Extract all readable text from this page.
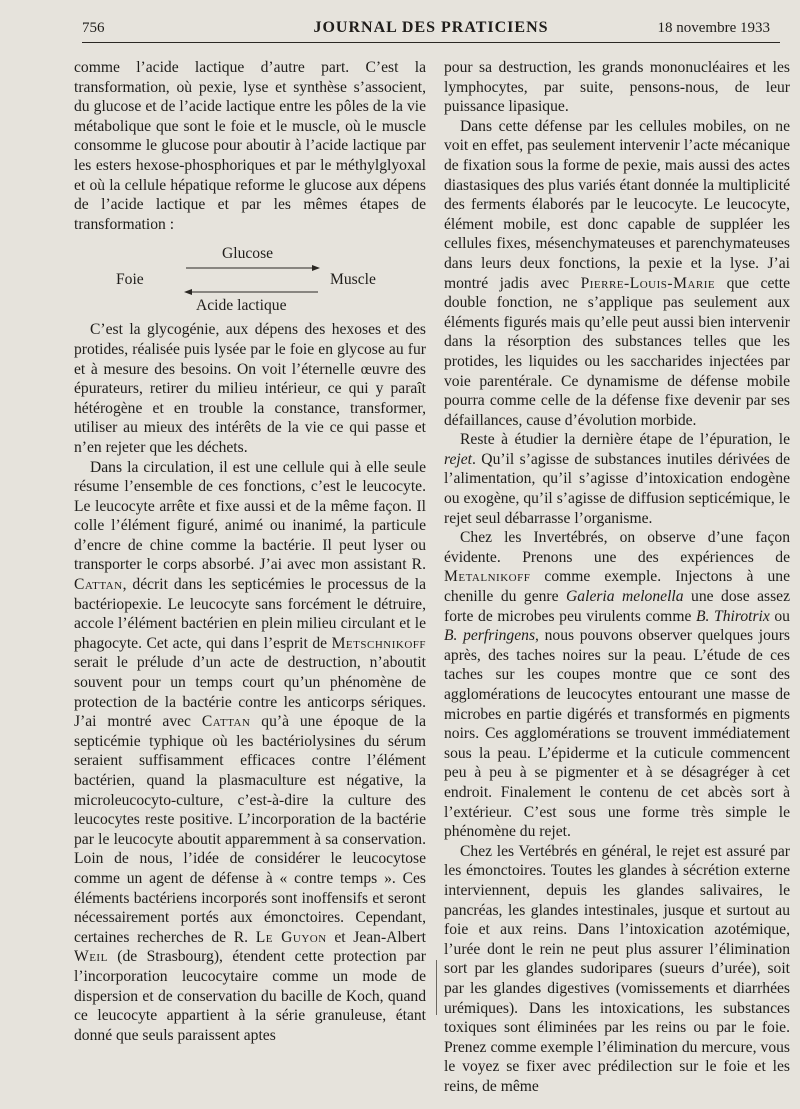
756	JOURNAL DES PRATICIENS	18 novembre 1933

comme l’acide lactique d’autre part. C’est la transformation, où pexie, lyse et synthèse s’associent, du glucose et de l’acide lactique entre les pôles de la vie métabolique que sont le foie et le muscle, où le muscle consomme le glucose pour aboutir à l’acide lactique par les esters hexose-phosphoriques et par le méthylglyoxal et où la cellule hépatique reforme le glucose aux dépens de l’acide lactique et par les mêmes étapes de transformation :

Glucose
Foie	Muscle
Acide lactique

C’est la glycogénie, aux dépens des hexoses et des protides, réalisée puis lysée par le foie en glycose au fur et à mesure des besoins. On voit l’éternelle œuvre des épurateurs, retirer du milieu intérieur, ce qui y paraît hétérogène et en trouble la constance, transformer, utiliser au mieux des intérêts de la vie ce qui passe et n’en rejeter que les déchets.

Dans la circulation, il est une cellule qui à elle seule résume l’ensemble de ces fonctions, c’est le leucocyte. Le leucocyte arrête et fixe aussi et de la même façon. Il colle l’élément figuré, animé ou inanimé, la particule d’encre de chine comme la bactérie. Il peut lyser ou transporter le corps absorbé. J’ai avec mon assistant R. Cattan, décrit dans les septicémies le processus de la bactériopexie. Le leucocyte sans forcément le détruire, accole l’élément bactérien en plein milieu circulant et le phagocyte. Cet acte, qui dans l’esprit de Metschnikoff serait le prélude d’un acte de destruction, n’aboutit souvent pour un temps court qu’un phénomène de protection de la bactérie contre les anticorps sériques. J’ai montré avec Cattan qu’à une époque de la septicémie typhique où les bactériolysines du sérum seraient suffisamment efficaces contre l’élément bactérien, quand la plasmaculture est négative, la microleucocyto-culture, c’est-à-dire la culture des leucocytes reste positive. L’incorporation de la bactérie par le leucocyte aboutit apparemment à sa conservation. Loin de nous, l’idée de considérer le leucocytose comme un agent de défense à « contre temps ». Ces éléments bactériens incorporés sont inoffensifs et seront nécessairement portés aux émonctoires. Cependant, certaines recherches de R. Le Guyon et Jean-Albert Weil (de Strasbourg), étendent cette protection par l’incorporation leucocytaire comme un mode de dispersion et de conservation du bacille de Koch, quand ce leucocyte appartient à la série granuleuse, étant donné que seuls paraissent aptes

pour sa destruction, les grands mononucléaires et les lymphocytes, par suite, pensons-nous, de leur puissance lipasique.

Dans cette défense par les cellules mobiles, on ne voit en effet, pas seulement intervenir l’acte mécanique de fixation sous la forme de pexie, mais aussi des actes diastasiques des plus variés étant donnée la multiplicité des ferments élaborés par le leucocyte. Le leucocyte, élément mobile, est donc capable de suppléer les cellules fixes, mésenchymateuses et parenchymateuses dans leurs deux fonctions, la pexie et la lyse. J’ai montré jadis avec Pierre-Louis-Marie que cette double fonction, ne s’applique pas seulement aux éléments figurés mais qu’elle peut aussi bien intervenir dans la résorption des substances telles que les protides, les liquides ou les saccharides injectées par voie parentérale. Ce dynamisme de défense mobile pourra comme celle de la défense fixe devenir par ses défaillances, cause d’évolution morbide.

Reste à étudier la dernière étape de l’épuration, le rejet. Qu’il s’agisse de substances inutiles dérivées de l’alimentation, qu’il s’agisse d’intoxication endogène ou exogène, qu’il s’agisse de diffusion septicémique, le rejet seul débarrasse l’organisme.

Chez les Invertébrés, on observe d’une façon évidente. Prenons une des expériences de Metalnikoff comme exemple. Injectons à une chenille du genre Galeria melonella une dose assez forte de microbes peu virulents comme B. Thirotrix ou B. perfringens, nous pouvons observer quelques jours après, des taches noires sur la peau. L’étude de ces taches sur les coupes montre que ce sont des agglomérations de leucocytes entourant une masse de microbes en partie digérés et transformés en pigments noirs. Ces agglomérations se trouvent immédiatement sous la peau. L’épiderme et la cuticule commencent peu à peu à se pigmenter et à se désagréger à cet endroit. Finalement le contenu de cet abcès sort à l’extérieur. C’est sous une forme très simple le phénomène du rejet.

Chez les Vertébrés en général, le rejet est assuré par les émonctoires. Toutes les glandes à sécrétion externe interviennent, depuis les glandes salivaires, le pancréas, les glandes intestinales, jusque et surtout au foie et aux reins. Dans l’intoxication azotémique, l’urée dont le rein ne peut plus assurer l’élimination sort par les glandes sudoripares (sueurs d’urée), soit par les glandes digestives (vomissements et diarrhées urémiques). Dans les intoxications, les substances toxiques sont éliminées par les reins ou par le foie. Prenez comme exemple l’élimination du mercure, vous le voyez se fixer avec prédilection sur le foie et les reins, de même
